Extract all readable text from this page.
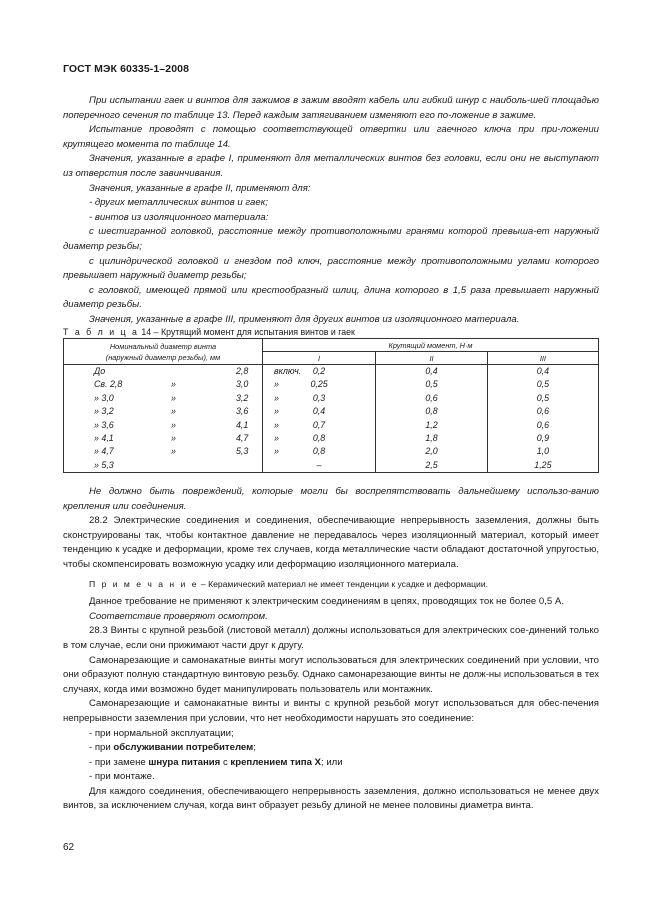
ГОСТ МЭК 60335-1–2008

При испытании гаек и винтов для зажимов в зажим вводят кабель или гибкий шнур с наиболь-шей площадью поперечного сечения по таблице 13. Перед каждым затягиванием изменяют его по-ложение в зажиме.

Испытание проводят с помощью соответствующей отвертки или гаечного ключа при при-ложении крутящего момента по таблице 14.

Значения, указанные в графе I, применяют для металлических винтов без головки, если они не выступают из отверстия после завинчивания.

Значения, указанные в графе II, применяют для:

- других металлических винтов и гаек;

- винтов из изоляционного материала:

с шестигранной головкой, расстояние между противоположными гранями которой превыша-ет наружный диаметр резьбы;

с цилиндрической головкой и гнездом под ключ, расстояние между противоположными углами которого превышает наружный диаметр резьбы;

с головкой, имеющей прямой или крестообразный шлиц, длина которого в 1,5 раза превышает наружный диаметр резьбы.

Значения, указанные в графе III, применяют для других винтов из изоляционного материала.

Т а б л и ц а 14 – Крутящий момент для испытания винтов и гаек
Номинальный диаметр винта
(наружный диаметр резьбы), мм	Крутящий момент, Н·м		
	I	II	III

До 2,8 включ.	0,2	0,4	0,4

Св. 2,8 » 3,0 »	0,25	0,5	0,5

» 3,0 » 3,2 »	0,3	0,6	0,5

» 3,2 » 3,6 »	0,4	0,8	0,6

» 3,6 » 4,1 »	0,7	1,2	0,6

» 4,1 » 4,7 »	0,8	1,8	0,9

» 4,7 » 5,3 »	0,8	2,0	1,0

» 5,3	–	2,5	1,25

Не должно быть повреждений, которые могли бы воспрепятствовать дальнейшему использо-ванию крепления или соединения.

28.2 Электрические соединения и соединения, обеспечивающие непрерывность заземления, должны быть сконструированы так, чтобы контактное давление не передавалось через изоляционный материал, который имеет тенденцию к усадке и деформации, кроме тех случаев, когда металлические части обладают достаточной упругостью, чтобы скомпенсировать возможную усадку или деформацию изоляционного материала.

П р и м е ч а н и е – Керамический материал не имеет тенденции к усадке и деформации.

Данное требование не применяют к электрическим соединениям в цепях, проводящих ток не более 0,5 А.

Соответствие проверяют осмотром.

28.3 Винты с крупной резьбой (листовой металл) должны использоваться для электрических сое-динений только в том случае, если они прижимают части друг к другу.

Самонарезающие и самонакатные винты могут использоваться для электрических соединений при условии, что они образуют полную стандартную винтовую резьбу. Однако самонарезающие винты не долж-ны использоваться в тех случаях, когда ими возможно будет манипулировать пользователь или монтажник.

Самонарезающие и самонакатные винты и винты с крупной резьбой могут использоваться для обес-печения непрерывности заземления при условии, что нет необходимости нарушать это соединение:

- при нормальной эксплуатации;

- при обслуживании потребителем;

- при замене шнура питания с креплением типа Х; или

- при монтаже.

Для каждого соединения, обеспечивающего непрерывность заземления, должно использоваться не менее двух винтов, за исключением случая, когда винт образует резьбу длиной не менее половины диаметра винта.

62
